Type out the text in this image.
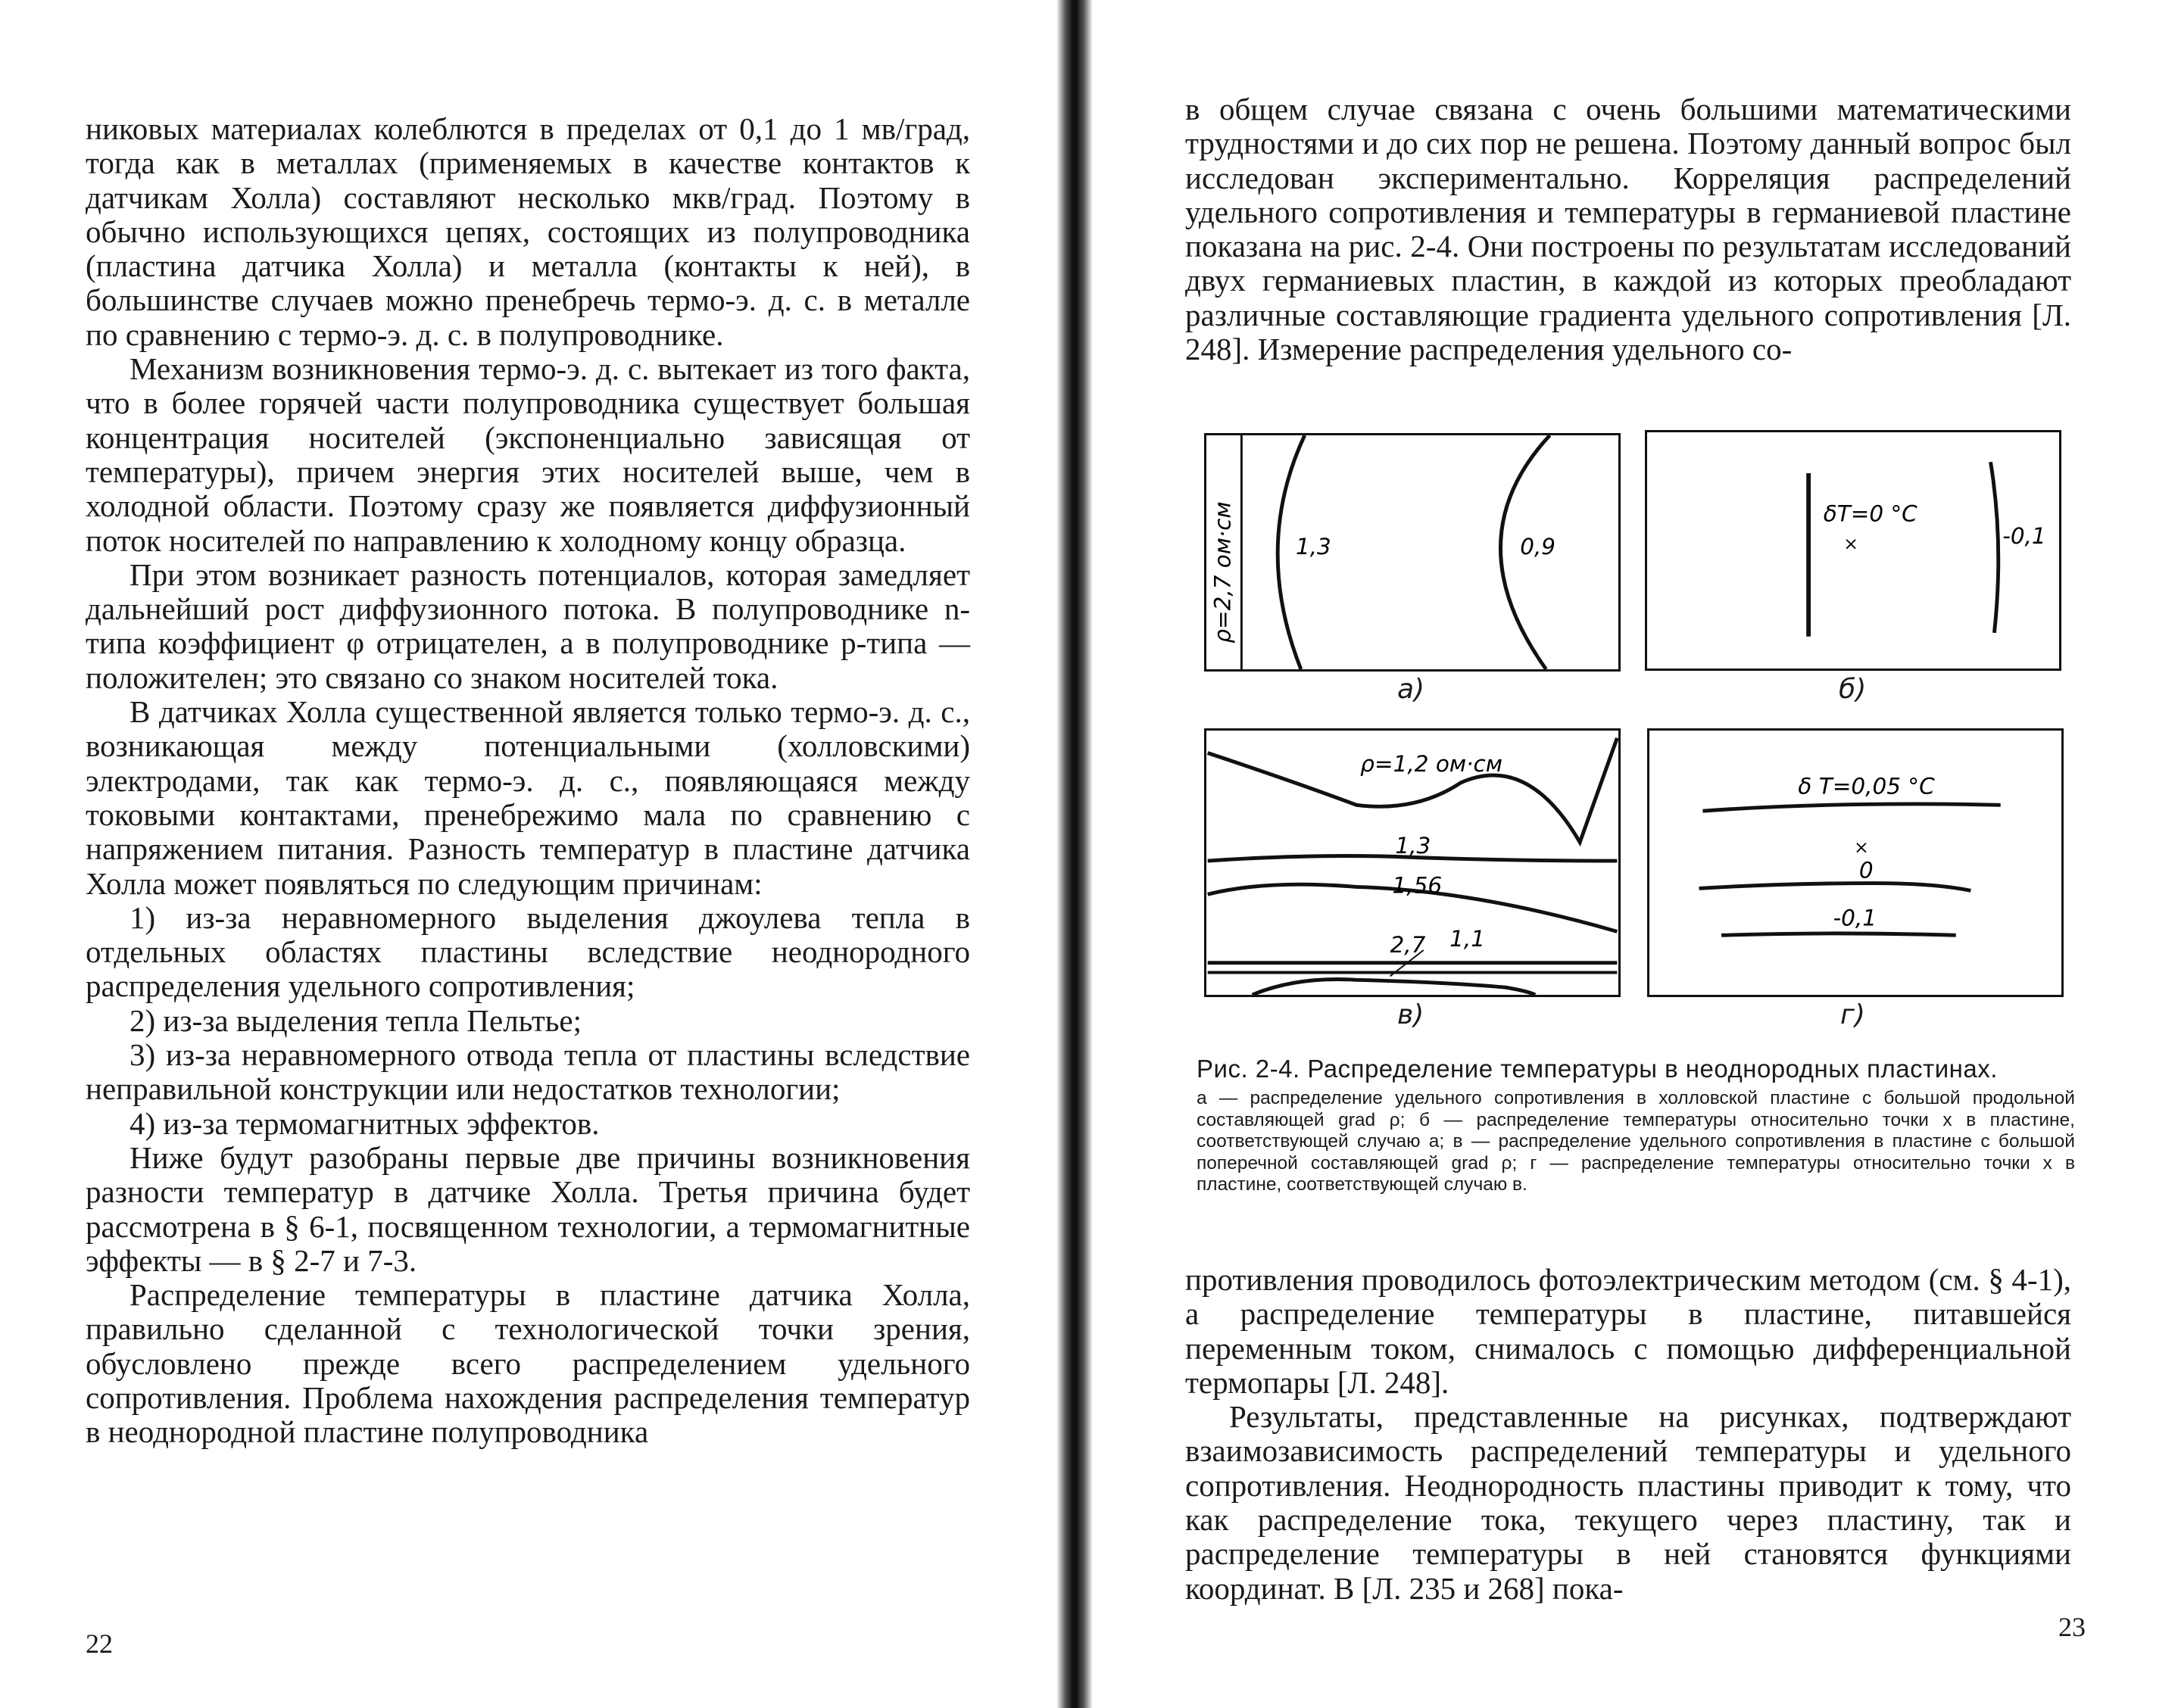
никовых материалах колеблются в пределах от 0,1 до 1 мв/град, тогда как в металлах (применяемых в качестве контактов к датчикам Холла) составляют несколько мкв/град. Поэтому в обычно использующихся цепях, состоящих из полупроводника (пластина датчика Холла) и металла (контакты к ней), в большинстве случаев можно пренебречь термо-э. д. с. в металле по сравнению с термо-э. д. с. в полупроводнике.

Механизм возникновения термо-э. д. с. вытекает из того факта, что в более горячей части полупроводника существует большая концентрация носителей (экспоненциально зависящая от температуры), причем энергия этих носителей выше, чем в холодной области. Поэтому сразу же появляется диффузионный поток носителей по направлению к холодному концу образца.

При этом возникает разность потенциалов, которая замедляет дальнейший рост диффузионного потока. В полупроводнике n-типа коэффициент φ отрицателен, а в полупроводнике p-типа — положителен; это связано со знаком носителей тока.

В датчиках Холла существенной является только термо-э. д. с., возникающая между потенциальными (холловскими) электродами, так как термо-э. д. с., появляющаяся между токовыми контактами, пренебрежимо мала по сравнению с напряжением питания. Разность температур в пластине датчика Холла может появляться по следующим причинам:

1) из-за неравномерного выделения джоулева тепла в отдельных областях пластины вследствие неоднородного распределения удельного сопротивления;

2) из-за выделения тепла Пельтье;

3) из-за неравномерного отвода тепла от пластины вследствие неправильной конструкции или недостатков технологии;

4) из-за термомагнитных эффектов.

Ниже будут разобраны первые две причины возникновения разности температур в датчике Холла. Третья причина будет рассмотрена в § 6-1, посвященном технологии, а термомагнитные эффекты — в § 2-7 и 7-3.

Распределение температуры в пластине датчика Холла, правильно сделанной с технологической точки зрения, обусловлено прежде всего распределением удельного сопротивления. Проблема нахождения распределения температур в неоднородной пластине полупроводника

22

в общем случае связана с очень большими математическими трудностями и до сих пор не решена. Поэтому данный вопрос был исследован экспериментально. Корреляция распределений удельного сопротивления и температуры в германиевой пластине показана на рис. 2-4. Они построены по результатам исследований двух германиевых пластин, в каждой из которых преобладают различные составляющие градиента удельного сопротивления [Л. 248]. Измерение распределения удельного со-

ρ=2,7 ом·см	1,3	0,9
а)
δT=0 °C
×	-0,1
б)
ρ=1,2 ом·см
1,3
1,56
2,7 1,1
в)
δ T=0,05 °C
×
0
-0,1
г)
Рис. 2-4. Распределение температуры в неоднородных пластинах.
а — распределение удельного сопротивления в холловской пластине с большой продольной составляющей grad ρ; б — распределение температуры относительно точки x в пластине, соответствующей случаю а; в — распределение удельного сопротивления в пластине с большой поперечной составляющей grad ρ; г — распределение температуры относительно точки x в пластине, соответствующей случаю в.

противления проводилось фотоэлектрическим методом (см. § 4-1), а распределение температуры в пластине, питавшейся переменным током, снималось с помощью дифференциальной термопары [Л. 248].

Результаты, представленные на рисунках, подтверждают взаимозависимость распределений температуры и удельного сопротивления. Неоднородность пластины приводит к тому, что как распределение тока, текущего через пластину, так и распределение температуры в ней становятся функциями координат. В [Л. 235 и 268] пока-

23
